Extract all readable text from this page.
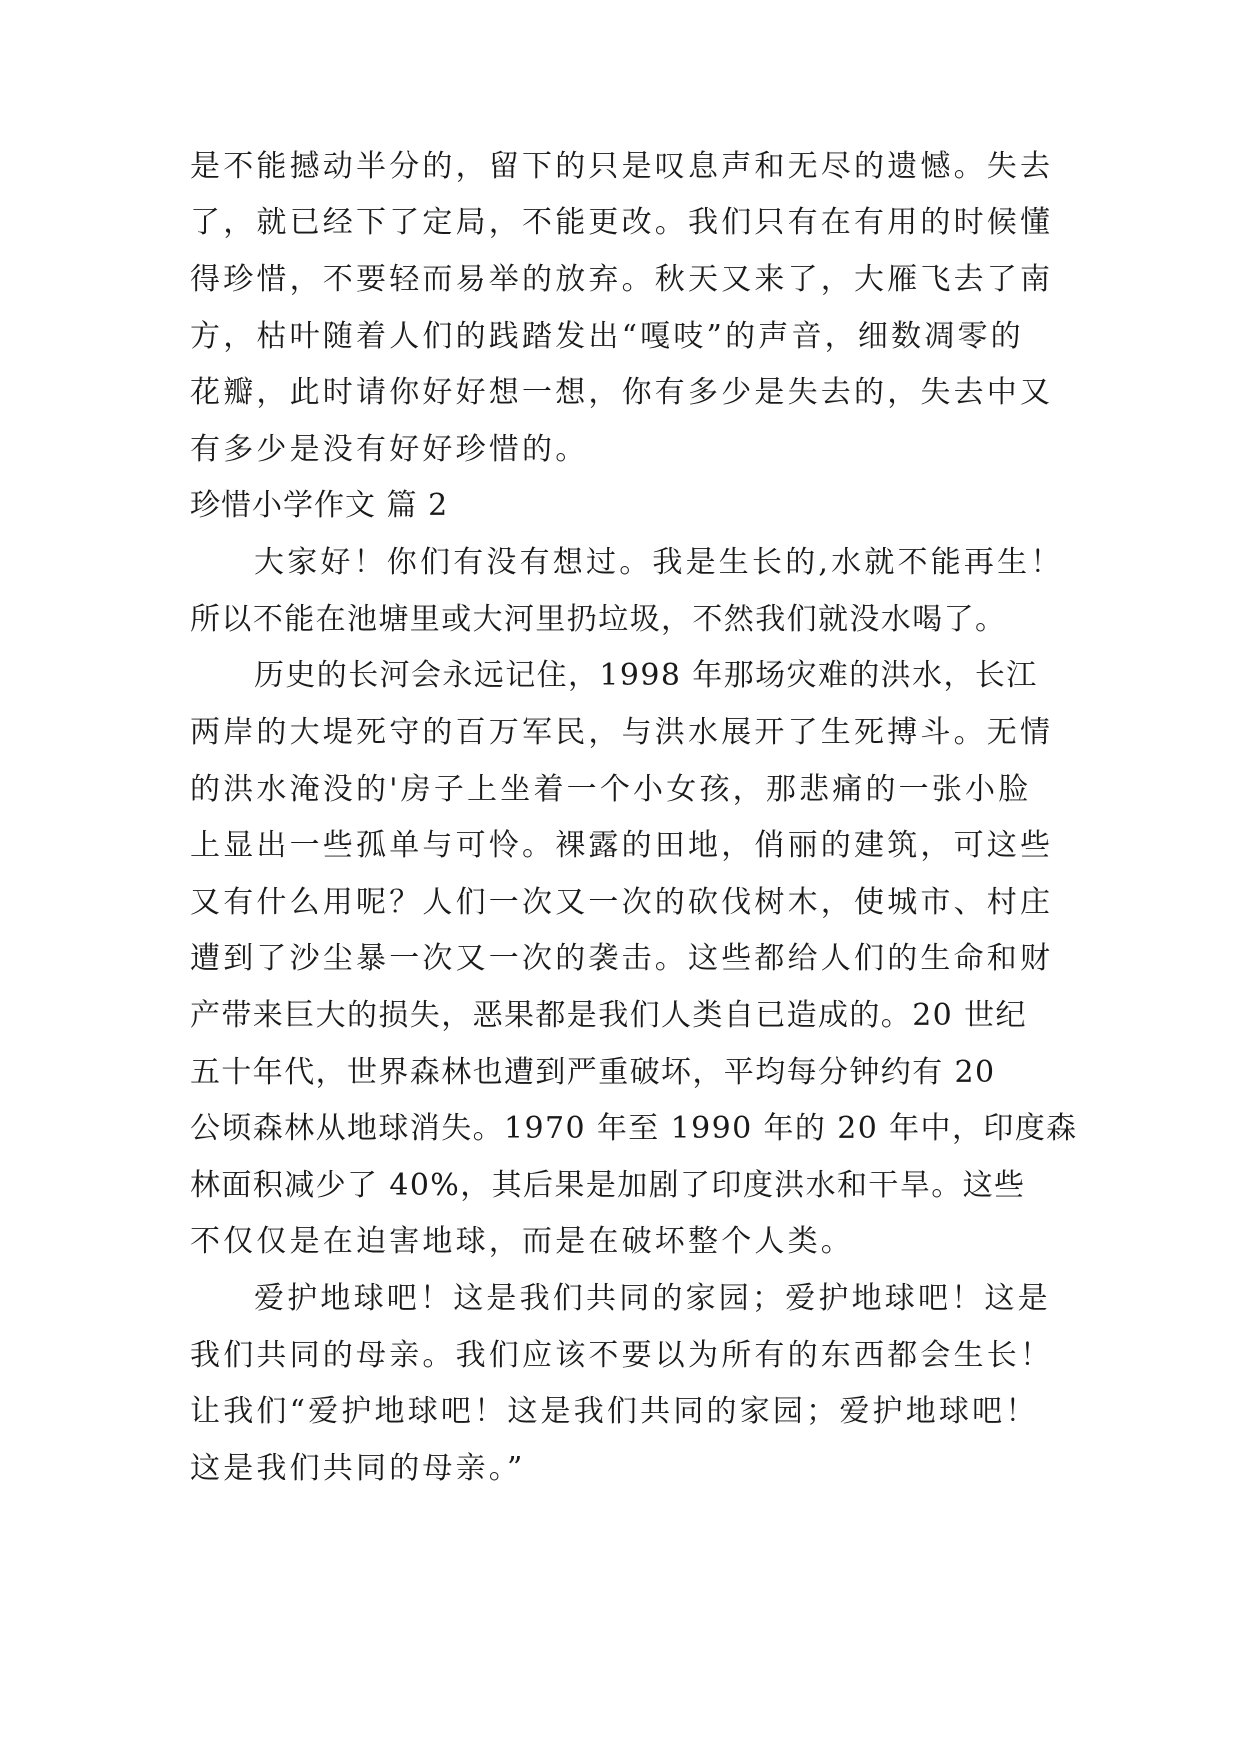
是不能撼动半分的，留下的只是叹息声和无尽的遗憾。失去
了，就已经下了定局，不能更改。我们只有在有用的时候懂
得珍惜，不要轻而易举的放弃。秋天又来了，大雁飞去了南
方，枯叶随着人们的践踏发出“嘎吱”的声音，细数凋零的
花瓣，此时请你好好想一想，你有多少是失去的，失去中又
有多少是没有好好珍惜的。
珍惜小学作文 篇 2
大家好！你们有没有想过。我是生长的,水就不能再生！
所以不能在池塘里或大河里扔垃圾，不然我们就没水喝了。
历史的长河会永远记住，1998 年那场灾难的洪水，长江
两岸的大堤死守的百万军民，与洪水展开了生死搏斗。无情
的洪水淹没的'房子上坐着一个小女孩，那悲痛的一张小脸
上显出一些孤单与可怜。裸露的田地，俏丽的建筑，可这些
又有什么用呢？人们一次又一次的砍伐树木，使城市、村庄
遭到了沙尘暴一次又一次的袭击。这些都给人们的生命和财
产带来巨大的损失，恶果都是我们人类自已造成的。20 世纪
五十年代，世界森林也遭到严重破坏，平均每分钟约有 20
公顷森林从地球消失。1970 年至 1990 年的 20 年中，印度森
林面积减少了 40%，其后果是加剧了印度洪水和干旱。这些
不仅仅是在迫害地球，而是在破坏整个人类。
爱护地球吧！这是我们共同的家园；爱护地球吧！这是
我们共同的母亲。我们应该不要以为所有的东西都会生长！
让我们“爱护地球吧！这是我们共同的家园；爱护地球吧！
这是我们共同的母亲。”
